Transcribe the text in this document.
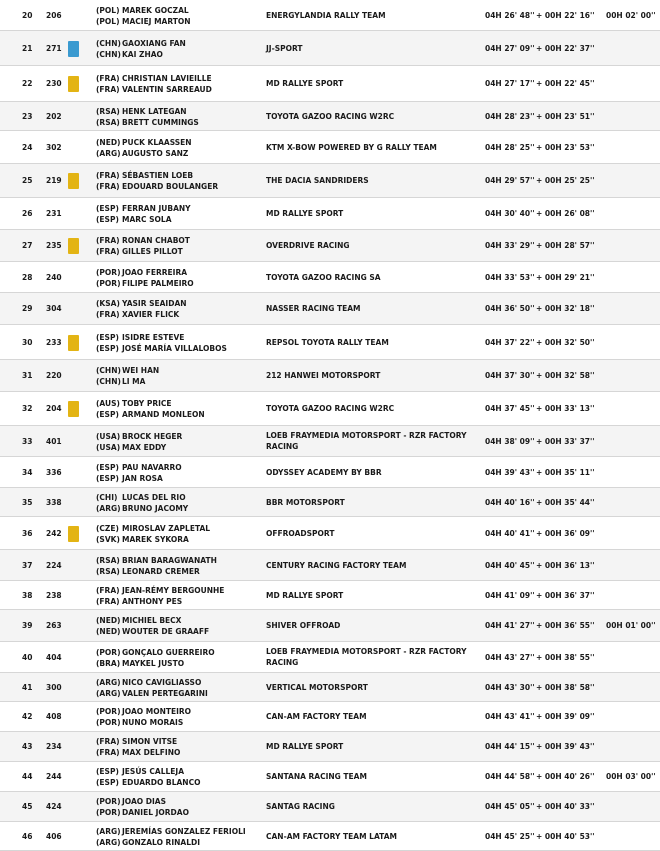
20 206
(POL) MAREK GOCZAL
(POL) MACIEJ MARTON
ENERGYLANDIA RALLY TEAM	04H 26' 48'' + 00H 22' 16'' 00H 02' 00''
21 271
(CHN)GAOXIANG FAN
(CHN)KAI ZHAO
JJ-SPORT	04H 27' 09'' + 00H 22' 37''
22 230
(FRA) CHRISTIAN LAVIEILLE
(FRA) VALENTIN SARREAUD
MD RALLYE SPORT	04H 27' 17'' + 00H 22' 45''
23 202
(RSA) HENK LATEGAN
(RSA) BRETT CUMMINGS
TOYOTA GAZOO RACING W2RC	04H 28' 23'' + 00H 23' 51''
24 302
(NED) PUCK KLAASSEN
(ARG)AUGUSTO SANZ
KTM X-BOW POWERED BY G RALLY TEAM	04H 28' 25'' + 00H 23' 53''
25 219
(FRA) SÉBASTIEN LOEB
(FRA) EDOUARD BOULANGER
THE DACIA SANDRIDERS	04H 29' 57'' + 00H 25' 25''
26 231
(ESP) FERRAN JUBANY
(ESP) MARC SOLA
MD RALLYE SPORT	04H 30' 40'' + 00H 26' 08''
27 235
(FRA) RONAN CHABOT
(FRA) GILLES PILLOT
OVERDRIVE RACING	04H 33' 29'' + 00H 28' 57''
28 240
(POR)JOAO FERREIRA
(POR)FILIPE PALMEIRO
TOYOTA GAZOO RACING SA	04H 33' 53'' + 00H 29' 21''
29 304
(KSA) YASIR SEAIDAN
(FRA) XAVIER FLICK
NASSER RACING TEAM	04H 36' 50'' + 00H 32' 18''
30 233
(ESP) ISIDRE ESTEVE
(ESP) JOSÉ MARÍA VILLALOBOS
REPSOL TOYOTA RALLY TEAM	04H 37' 22'' + 00H 32' 50''
31 220
(CHN)WEI HAN
(CHN)LI MA
212 HANWEI MOTORSPORT	04H 37' 30'' + 00H 32' 58''
32 204
(AUS) TOBY PRICE
(ESP) ARMAND MONLEON
TOYOTA GAZOO RACING W2RC	04H 37' 45'' + 00H 33' 13''
33 401
(USA) BROCK HEGER
(USA) MAX EDDY
LOEB FRAYMEDIA MOTORSPORT - RZR FACTORY RACING
04H 38' 09'' + 00H 33' 37''
34 336
(ESP) PAU NAVARRO
(ESP) JAN ROSA
ODYSSEY ACADEMY BY BBR	04H 39' 43'' + 00H 35' 11''
35 338
(CHI) LUCAS DEL RIO
(ARG)BRUNO JACOMY
BBR MOTORSPORT	04H 40' 16'' + 00H 35' 44''
36 242
(CZE) MIROSLAV ZAPLETAL
(SVK) MAREK SYKORA
OFFROADSPORT	04H 40' 41'' + 00H 36' 09''
37 224
(RSA) BRIAN BARAGWANATH
(RSA) LEONARD CREMER
CENTURY RACING FACTORY TEAM	04H 40' 45'' + 00H 36' 13''
38 238
(FRA) JEAN-RÉMY BERGOUNHE
(FRA) ANTHONY PES
MD RALLYE SPORT	04H 41' 09'' + 00H 36' 37''
39 263
(NED) MICHIEL BECX
(NED) WOUTER DE GRAAFF
SHIVER OFFROAD	04H 41' 27'' + 00H 36' 55'' 00H 01' 00''
40 404
(POR)GONÇALO GUERREIRO
(BRA) MAYKEL JUSTO
LOEB FRAYMEDIA MOTORSPORT - RZR FACTORY RACING
04H 43' 27'' + 00H 38' 55''
41 300
(ARG)NICO CAVIGLIASSO
(ARG)VALEN PERTEGARINI
VERTICAL MOTORSPORT	04H 43' 30'' + 00H 38' 58''
42 408
(POR)JOAO MONTEIRO
(POR)NUNO MORAIS
CAN-AM FACTORY TEAM	04H 43' 41'' + 00H 39' 09''
43 234
(FRA) SIMON VITSE
(FRA) MAX DELFINO
MD RALLYE SPORT	04H 44' 15'' + 00H 39' 43''
44 244
(ESP) JESÚS CALLEJA
(ESP) EDUARDO BLANCO
SANTANA RACING TEAM	04H 44' 58'' + 00H 40' 26'' 00H 03' 00''
45 424
(POR)JOAO DIAS
(POR)DANIEL JORDAO
SANTAG RACING	04H 45' 05'' + 00H 40' 33''
46 406
(ARG)JEREMÍAS GONZALEZ FERIOLI
(ARG)GONZALO RINALDI
CAN-AM FACTORY TEAM LATAM	04H 45' 25'' + 00H 40' 53''
